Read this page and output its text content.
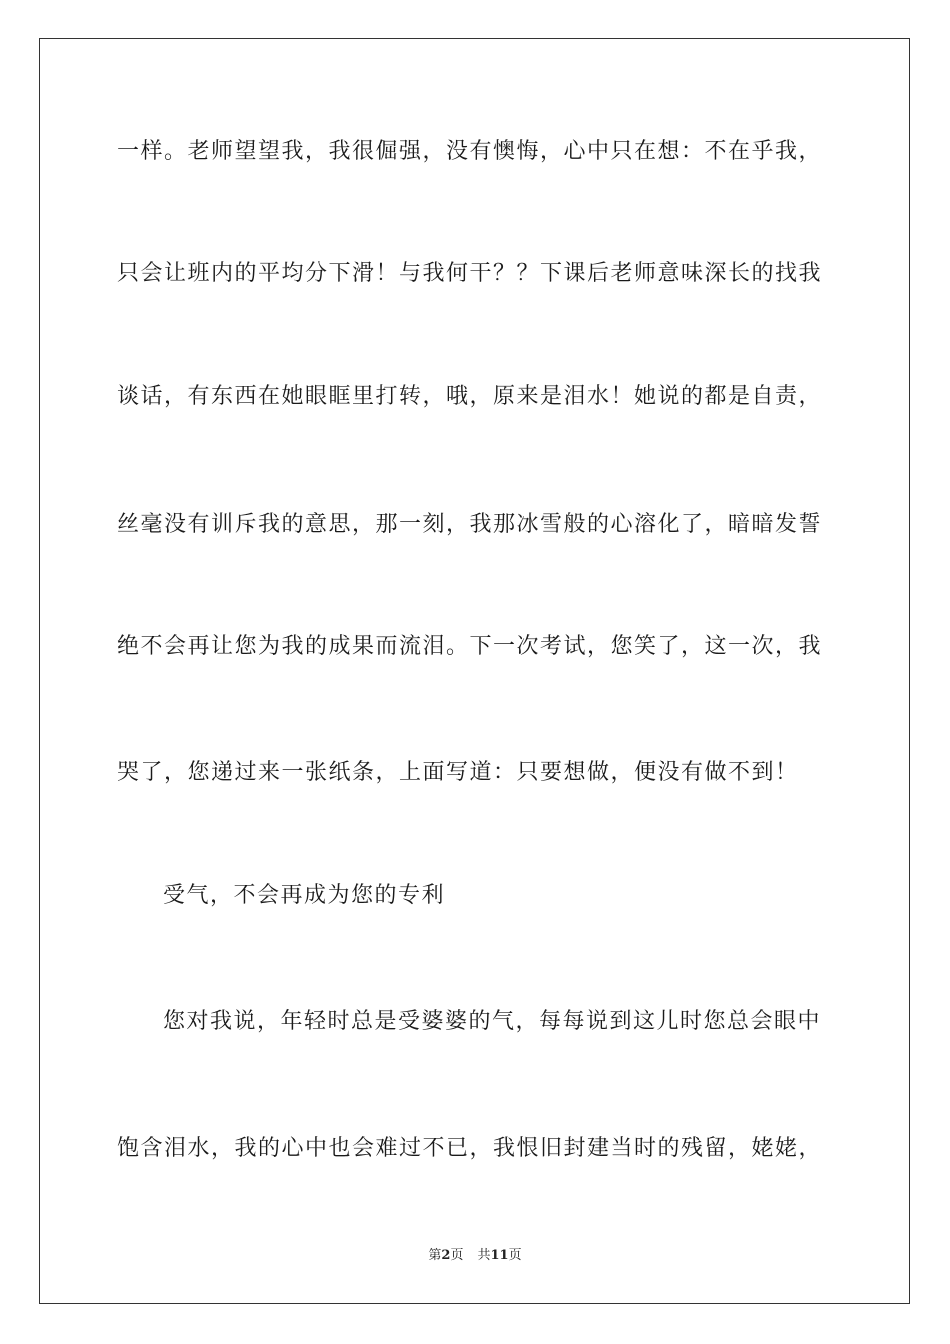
一样。老师望望我，我很倔强，没有懊悔，心中只在想：不在乎我，
只会让班内的平均分下滑！与我何干？？下课后老师意味深长的找我
谈话，有东西在她眼眶里打转，哦，原来是泪水！她说的都是自责，
丝毫没有训斥我的意思，那一刻，我那冰雪般的心溶化了，暗暗发誓
绝不会再让您为我的成果而流泪。下一次考试，您笑了，这一次，我
哭了，您递过来一张纸条，上面写道：只要想做，便没有做不到！
受气，不会再成为您的专利
您对我说，年轻时总是受婆婆的气，每每说到这儿时您总会眼中
饱含泪水，我的心中也会难过不已，我恨旧封建当时的残留，姥姥，
第2页 共11页
